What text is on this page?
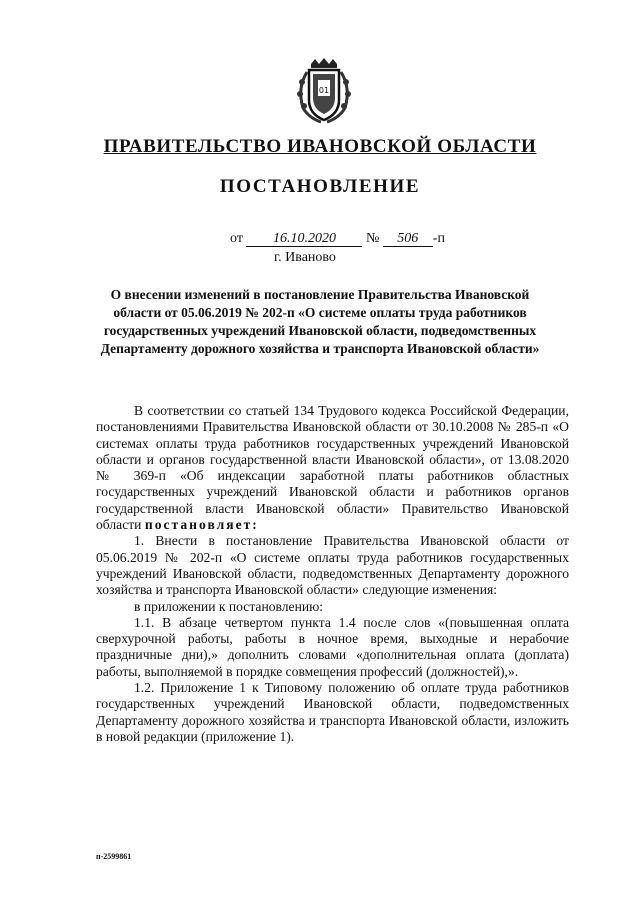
01
ПРАВИТЕЛЬСТВО ИВАНОВСКОЙ ОБЛАСТИ
ПОСТАНОВЛЕНИЕ
от 16.10.2020 № 506 -п
г. Иваново
О внесении изменений в постановление Правительства Ивановской области от 05.06.2019 № 202-п «О системе оплаты труда работников государственных учреждений Ивановской области, подведомственных Департаменту дорожного хозяйства и транспорта Ивановской области»

В соответствии со статьей 134 Трудового кодекса Российской Федерации, постановлениями Правительства Ивановской области от 30.10.2008 № 285-п «О системах оплаты труда работников государственных учреждений Ивановской области и органов государственной власти Ивановской области», от 13.08.2020 № 369-п «Об индексации заработной платы работников областных государственных учреждений Ивановской области и работников органов государственной власти Ивановской области» Правительство Ивановской области постановляет:

1. Внести в постановление Правительства Ивановской области от 05.06.2019 № 202-п «О системе оплаты труда работников государственных учреждений Ивановской области, подведомственных Департаменту дорожного хозяйства и транспорта Ивановской области» следующие изменения:

в приложении к постановлению:

1.1. В абзаце четвертом пункта 1.4 после слов «(повышенная оплата сверхурочной работы, работы в ночное время, выходные и нерабочие праздничные дни),» дополнить словами «дополнительная оплата (доплата) работы, выполняемой в порядке совмещения профессий (должностей),».

1.2. Приложение 1 к Типовому положению об оплате труда работников государственных учреждений Ивановской области, подведомственных Департаменту дорожного хозяйства и транспорта Ивановской области, изложить в новой редакции (приложение 1).

п-2599861
